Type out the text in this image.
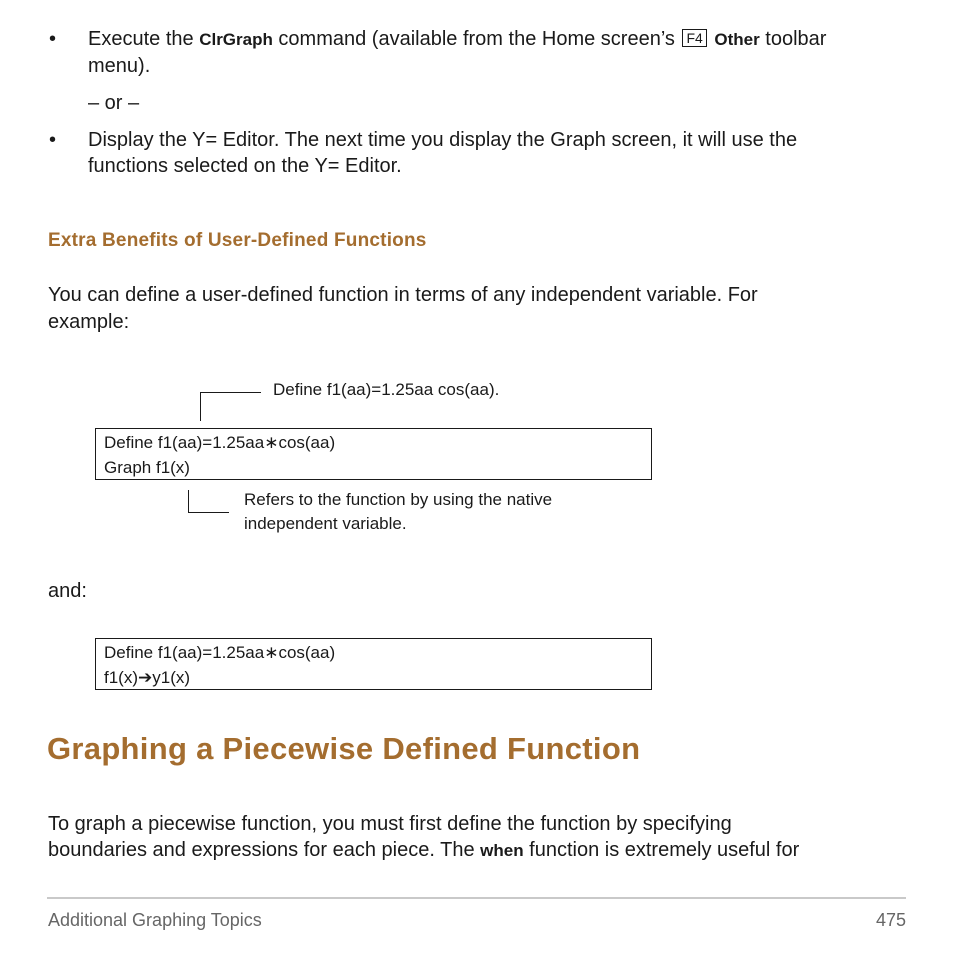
• Execute the ClrGraph command (available from the Home screen’s F4 Other toolbar
menu).
– or –
• Display the Y= Editor. The next time you display the Graph screen, it will use the
functions selected on the Y= Editor.
Extra Benefits of User-Defined Functions
You can define a user-defined function in terms of any independent variable. For
example:
Define f1(aa)=1.25aa cos(aa).
Define f1(aa)=1.25aa∗cos(aa)
Graph f1(x)
Refers to the function by using the native
independent variable.
and:
Define f1(aa)=1.25aa∗cos(aa)
f1(x)➔y1(x)
Graphing a Piecewise Defined Function
To graph a piecewise function, you must first define the function by specifying
boundaries and expressions for each piece. The when function is extremely useful for
Additional Graphing Topics	475
